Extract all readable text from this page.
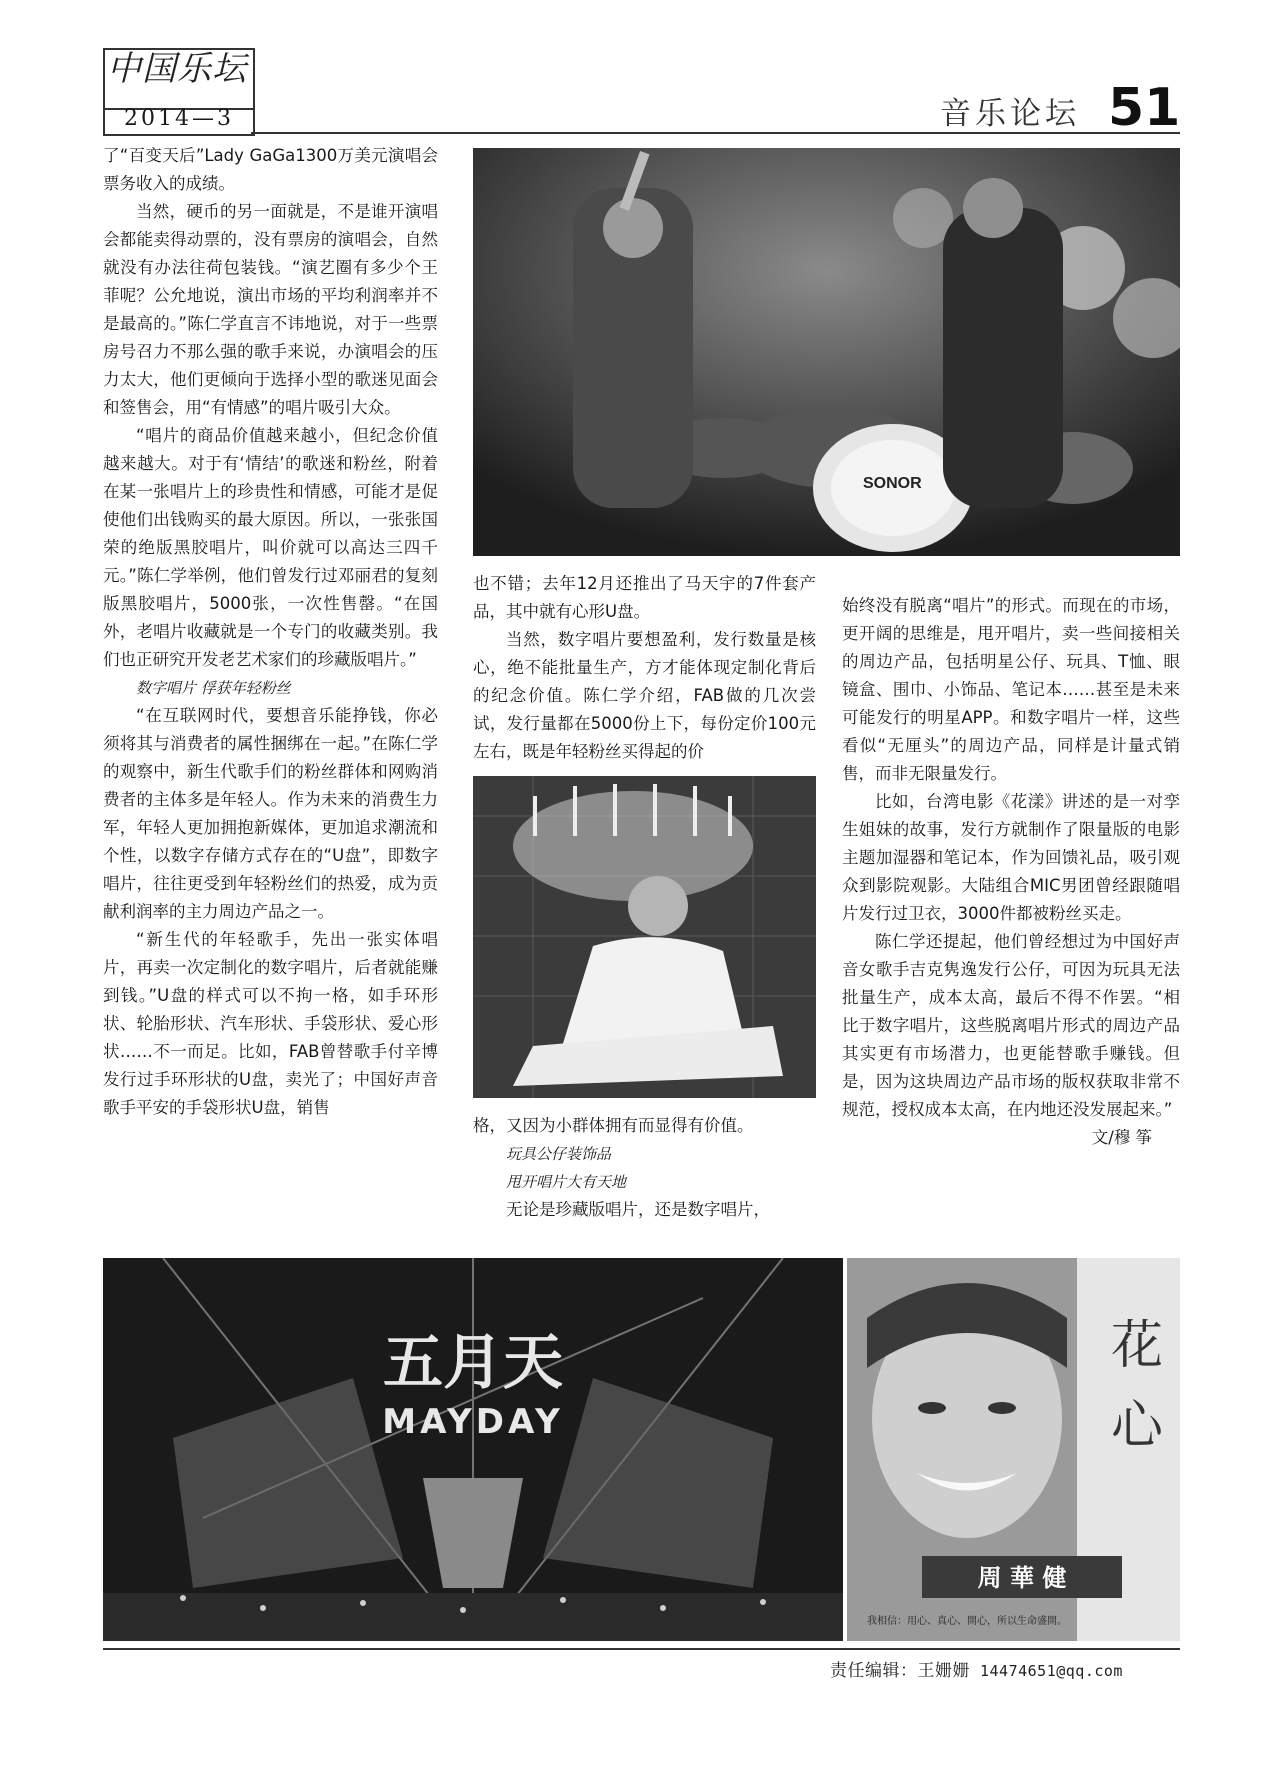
中国乐坛
2014—3	音乐论坛 51

了“百变天后”Lady GaGa1300万美元演唱会票务收入的成绩。

当然，硬币的另一面就是，不是谁开演唱会都能卖得动票的，没有票房的演唱会，自然就没有办法往荷包装钱。“演艺圈有多少个王菲呢？公允地说，演出市场的平均利润率并不是最高的。”陈仁学直言不讳地说，对于一些票房号召力不那么强的歌手来说，办演唱会的压力太大，他们更倾向于选择小型的歌迷见面会和签售会，用“有情感”的唱片吸引大众。

“唱片的商品价值越来越小，但纪念价值越来越大。对于有‘情结’的歌迷和粉丝，附着在某一张唱片上的珍贵性和情感，可能才是促使他们出钱购买的最大原因。所以，一张张国荣的绝版黑胶唱片，叫价就可以高达三四千元。”陈仁学举例，他们曾发行过邓丽君的复刻版黑胶唱片，5000张，一次性售罄。“在国外，老唱片收藏就是一个专门的收藏类别。我们也正研究开发老艺术家们的珍藏版唱片。”

数字唱片 俘获年轻粉丝

“在互联网时代，要想音乐能挣钱，你必须将其与消费者的属性捆绑在一起。”在陈仁学的观察中，新生代歌手们的粉丝群体和网购消费者的主体多是年轻人。作为未来的消费生力军，年轻人更加拥抱新媒体，更加追求潮流和个性，以数字存储方式存在的“U盘”，即数字唱片，往往更受到年轻粉丝们的热爱，成为贡献利润率的主力周边产品之一。

“新生代的年轻歌手，先出一张实体唱片，再卖一次定制化的数字唱片，后者就能赚到钱。”U盘的样式可以不拘一格，如手环形状、轮胎形状、汽车形状、手袋形状、爱心形状……不一而足。比如，FAB曾替歌手付辛博发行过手环形状的U盘，卖光了；中国好声音歌手平安的手袋形状U盘，销售

SONOR

也不错；去年12月还推出了马天宇的7件套产品，其中就有心形U盘。

当然，数字唱片要想盈利，发行数量是核心，绝不能批量生产，方才能体现定制化背后的纪念价值。陈仁学介绍，FAB做的几次尝试，发行量都在5000份上下，每份定价100元左右，既是年轻粉丝买得起的价

格，又因为小群体拥有而显得有价值。

玩具公仔装饰品

甩开唱片大有天地

无论是珍藏版唱片，还是数字唱片，

始终没有脱离“唱片”的形式。而现在的市场，更开阔的思维是，甩开唱片，卖一些间接相关的周边产品，包括明星公仔、玩具、T恤、眼镜盒、围巾、小饰品、笔记本……甚至是未来可能发行的明星APP。和数字唱片一样，这些看似“无厘头”的周边产品，同样是计量式销售，而非无限量发行。

比如，台湾电影《花漾》讲述的是一对孪生姐妹的故事，发行方就制作了限量版的电影主题加湿器和笔记本，作为回馈礼品，吸引观众到影院观影。大陆组合MIC男团曾经跟随唱片发行过卫衣，3000件都被粉丝买走。

陈仁学还提起，他们曾经想过为中国好声音女歌手吉克隽逸发行公仔，可因为玩具无法批量生产，成本太高，最后不得不作罢。“相比于数字唱片，这些脱离唱片形式的周边产品其实更有市场潜力，也更能替歌手赚钱。但是，因为这块周边产品市场的版权获取非常不规范，授权成本太高，在内地还没发展起来。”

文/穆 筝

五月天
MAYDAY
花
心
周 華 健
我相信：用心、真心、開心，所以生命盛開。
责任编辑：王姗姗 14474651@qq.com
